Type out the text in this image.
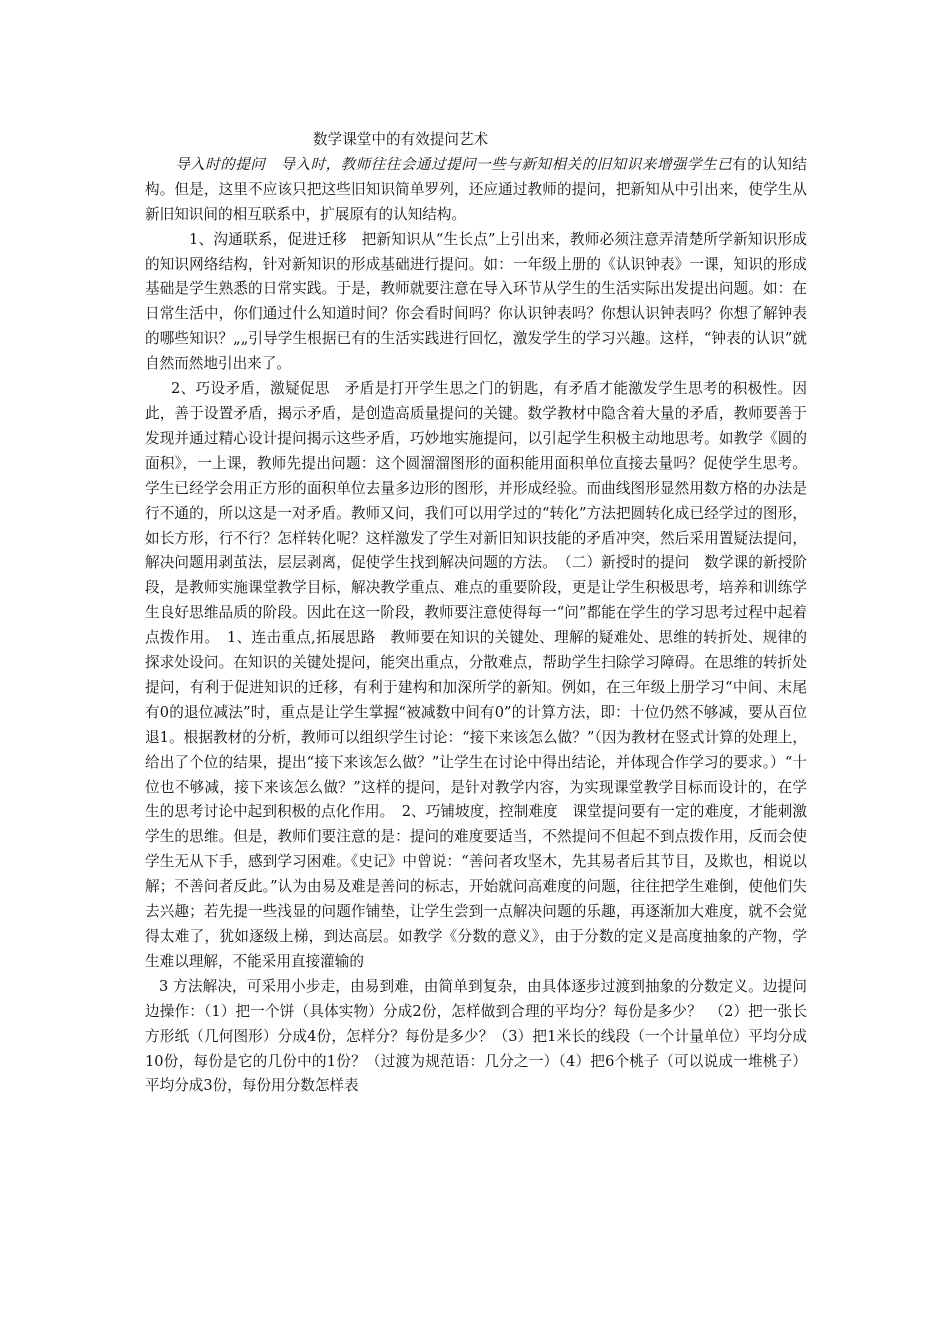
数学课堂中的有效提问艺术

导入时的提问　导入时，教师往往会通过提问一些与新知相关的旧知识来增强学生已有的认知结构。但是，这里不应该只把这些旧知识简单罗列，还应通过教师的提问，把新知从中引出来，使学生从新旧知识间的相互联系中，扩展原有的认知结构。

1、沟通联系，促进迁移　把新知识从“生长点”上引出来，教师必须注意弄清楚所学新知识形成的知识网络结构，针对新知识的形成基础进行提问。如：一年级上册的《认识钟表》一课，知识的形成基础是学生熟悉的日常实践。于是，教师就要注意在导入环节从学生的生活实际出发提出问题。如：在日常生活中，你们通过什么知道时间？你会看时间吗？你认识钟表吗？你想认识钟表吗？你想了解钟表的哪些知识？„„引导学生根据已有的生活实践进行回忆，激发学生的学习兴趣。这样，“钟表的认识”就自然而然地引出来了。

2、巧设矛盾，激疑促思　矛盾是打开学生思之门的钥匙，有矛盾才能激发学生思考的积极性。因此，善于设置矛盾，揭示矛盾，是创造高质量提问的关键。数学教材中隐含着大量的矛盾，教师要善于发现并通过精心设计提问揭示这些矛盾，巧妙地实施提问，以引起学生积极主动地思考。如教学《圆的面积》，一上课，教师先提出问题：这个圆溜溜图形的面积能用面积单位直接去量吗？促使学生思考。学生已经学会用正方形的面积单位去量多边形的图形，并形成经验。而曲线图形显然用数方格的办法是行不通的，所以这是一对矛盾。教师又问，我们可以用学过的“转化”方法把圆转化成已经学过的图形，如长方形，行不行？怎样转化呢？这样激发了学生对新旧知识技能的矛盾冲突，然后采用置疑法提问，解决问题用剥茧法，层层剥离，促使学生找到解决问题的方法。　（二）新授时的提问　数学课的新授阶段，是教师实施课堂教学目标，解决教学重点、难点的重要阶段，更是让学生积极思考，培养和训练学生良好思维品质的阶段。因此在这一阶段，教师要注意使得每一“问”都能在学生的学习思考过程中起着点拨作用。　1、连击重点,拓展思路　教师要在知识的关键处、理解的疑难处、思维的转折处、规律的探求处设问。在知识的关键处提问，能突出重点，分散难点，帮助学生扫除学习障碍。在思维的转折处提问，有利于促进知识的迁移，有利于建构和加深所学的新知。例如，在三年级上册学习“中间、末尾有0的退位减法”时，重点是让学生掌握“被减数中间有0”的计算方法，即：十位仍然不够减，要从百位退1。根据教材的分析，教师可以组织学生讨论：“接下来该怎么做？”（因为教材在竖式计算的处理上，给出了个位的结果，提出“接下来该怎么做？”让学生在讨论中得出结论，并体现合作学习的要求。）“十位也不够减，接下来该怎么做？”这样的提问，是针对教学内容，为实现课堂教学目标而设计的，在学生的思考讨论中起到积极的点化作用。　2、巧铺坡度，控制难度　课堂提问要有一定的难度，才能刺激学生的思维。但是，教师们要注意的是：提问的难度要适当，不然提问不但起不到点拨作用，反而会使学生无从下手，感到学习困难。《史记》中曾说：“善问者攻坚木，先其易者后其节目，及欺也，相说以解；不善问者反此。”认为由易及难是善问的标志，开始就问高难度的问题，往往把学生难倒，使他们失去兴趣；若先提一些浅显的问题作铺垫，让学生尝到一点解决问题的乐趣，再逐渐加大难度，就不会觉得太难了，犹如逐级上梯，到达高层。如教学《分数的意义》，由于分数的定义是高度抽象的产物，学生难以理解，不能采用直接灌输的

3 方法解决，可采用小步走，由易到难，由简单到复杂，由具体逐步过渡到抽象的分数定义。边提问边操作：（1）把一个饼（具体实物）分成2份，怎样做到合理的平均分？每份是多少？　（2）把一张长方形纸（几何图形）分成4份，怎样分？每份是多少？（3）把1米长的线段（一个计量单位）平均分成10份，每份是它的几份中的1份？（过渡为规范语：几分之一）（4）把6个桃子（可以说成一堆桃子）平均分成3份，每份用分数怎样表
